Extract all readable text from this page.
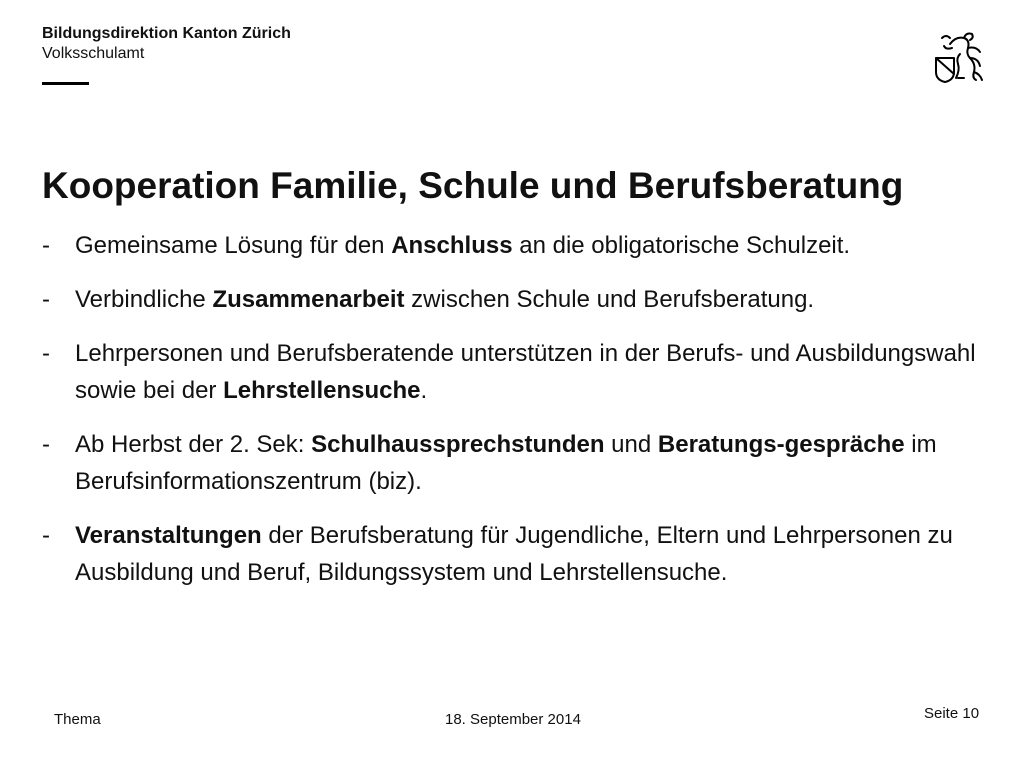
Bildungsdirektion Kanton Zürich
Volksschulamt
Kooperation Familie, Schule und Berufsberatung
- Gemeinsame Lösung für den Anschluss an die obligatorische Schulzeit.
- Verbindliche Zusammenarbeit zwischen Schule und Berufsberatung.
- Lehrpersonen und Berufsberatende unterstützen in der Berufs- und Ausbildungswahl sowie bei der Lehrstellensuche.
- Ab Herbst der 2. Sek: Schulhaussprechstunden und Beratungs-gespräche im Berufsinformationszentrum (biz).
- Veranstaltungen der Berufsberatung für Jugendliche, Eltern und Lehrpersonen zu Ausbildung und Beruf, Bildungssystem und Lehrstellensuche.
Thema	18. September 2014	Seite 10
